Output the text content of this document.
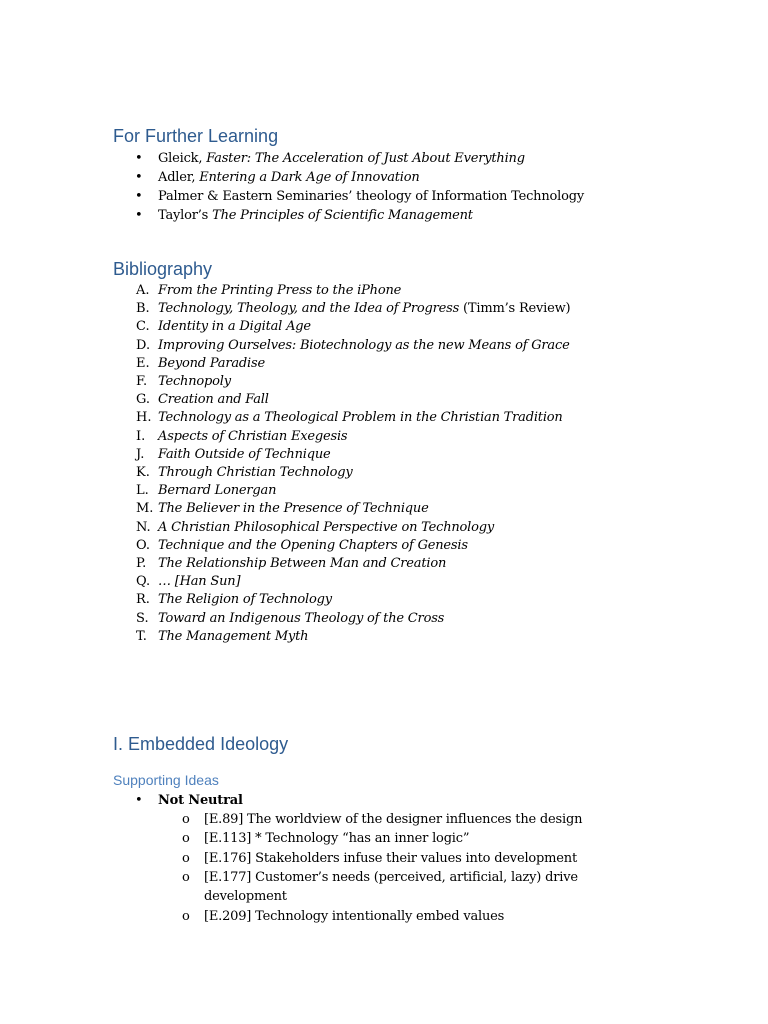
For Further Learning
• Gleick, Faster: The Acceleration of Just About Everything
• Adler, Entering a Dark Age of Innovation
• Palmer & Eastern Seminaries’ theology of Information Technology
• Taylor’s The Principles of Scientific Management
Bibliography
A. From the Printing Press to the iPhone
B. Technology, Theology, and the Idea of Progress (Timm’s Review)
C. Identity in a Digital Age
D. Improving Ourselves: Biotechnology as the new Means of Grace
E. Beyond Paradise
F. Technopoly
G. Creation and Fall
H. Technology as a Theological Problem in the Christian Tradition
I. Aspects of Christian Exegesis
J. Faith Outside of Technique
K. Through Christian Technology
L. Bernard Lonergan
M. The Believer in the Presence of Technique
N. A Christian Philosophical Perspective on Technology
O. Technique and the Opening Chapters of Genesis
P. The Relationship Between Man and Creation
Q. … [Han Sun]
R. The Religion of Technology
S. Toward an Indigenous Theology of the Cross
T. The Management Myth
I. Embedded Ideology
Supporting Ideas
• Not Neutral
o [E.89] The worldview of the designer influences the design
o [E.113] * Technology “has an inner logic”
o [E.176] Stakeholders infuse their values into development
o [E.177] Customer’s needs (perceived, artificial, lazy) drive
development
o [E.209] Technology intentionally embed values
